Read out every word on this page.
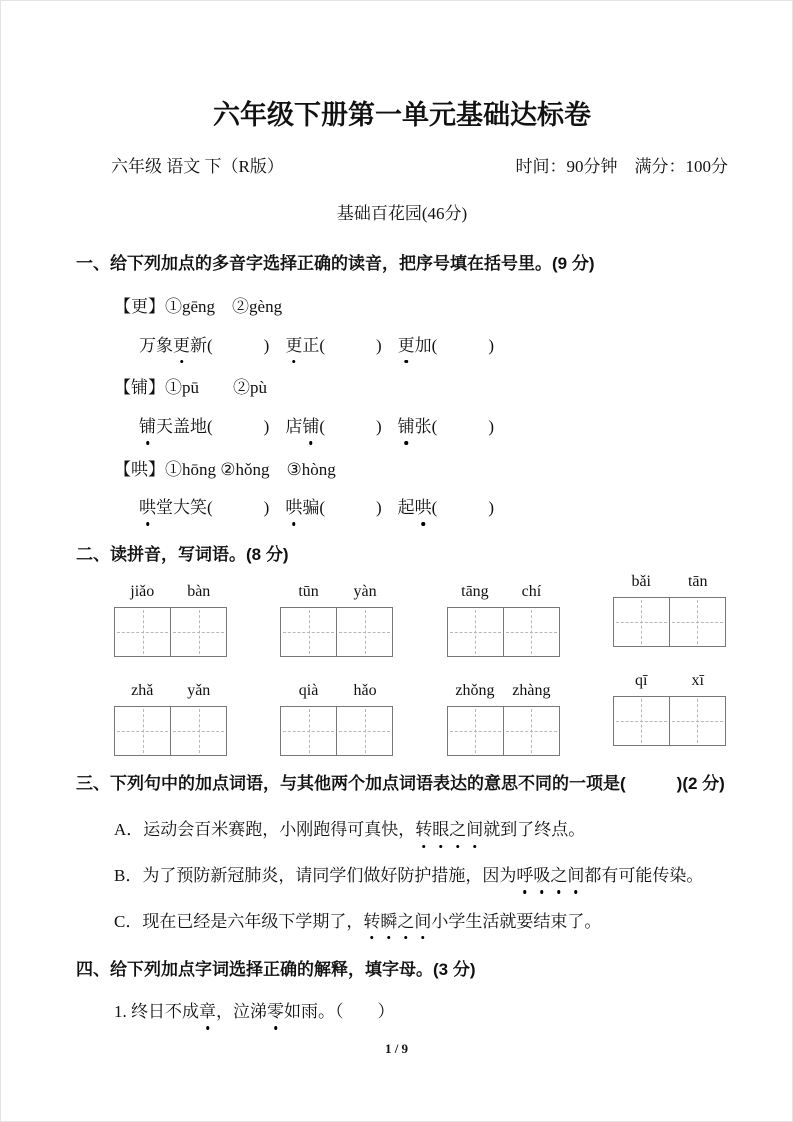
六年级下册第一单元基础达标卷
六年级 语文 下（R版）	时间：90分钟　满分：100分
基础百花园(46分)
一、给下列加点的多音字选择正确的读音，把序号填在括号里。(9 分)
【更】①gēng　②gèng
万象更新(　　　) 更正(　　　) 更加(　　　)
【铺】①pū　　②pù
铺天盖地(　　　) 店铺(　　　) 铺张(　　　)
【哄】①hōng ②hǒng　③hòng
哄堂大笑(　　　) 哄骗(　　　) 起哄(　　　)
二、读拼音，写词语。(8 分)
jiǎo	bàn	tūn	yàn	tāng	chí
bǎi	tān
zhǎ	yǎn	qià	hǎo	zhǒng	zhàng
qī	xī
三、下列句中的加点词语，与其他两个加点词语表达的意思不同的一项是(　　　)(2 分)
A．运动会百米赛跑，小刚跑得可真快，转眼之间就到了终点。
B．为了预防新冠肺炎，请同学们做好防护措施，因为呼吸之间都有可能传染。
C．现在已经是六年级下学期了，转瞬之间小学生活就要结束了。
四、给下列加点字词选择正确的解释，填字母。(3 分)
1. 终日不成章，泣涕零如雨。（　　）
1 / 9
